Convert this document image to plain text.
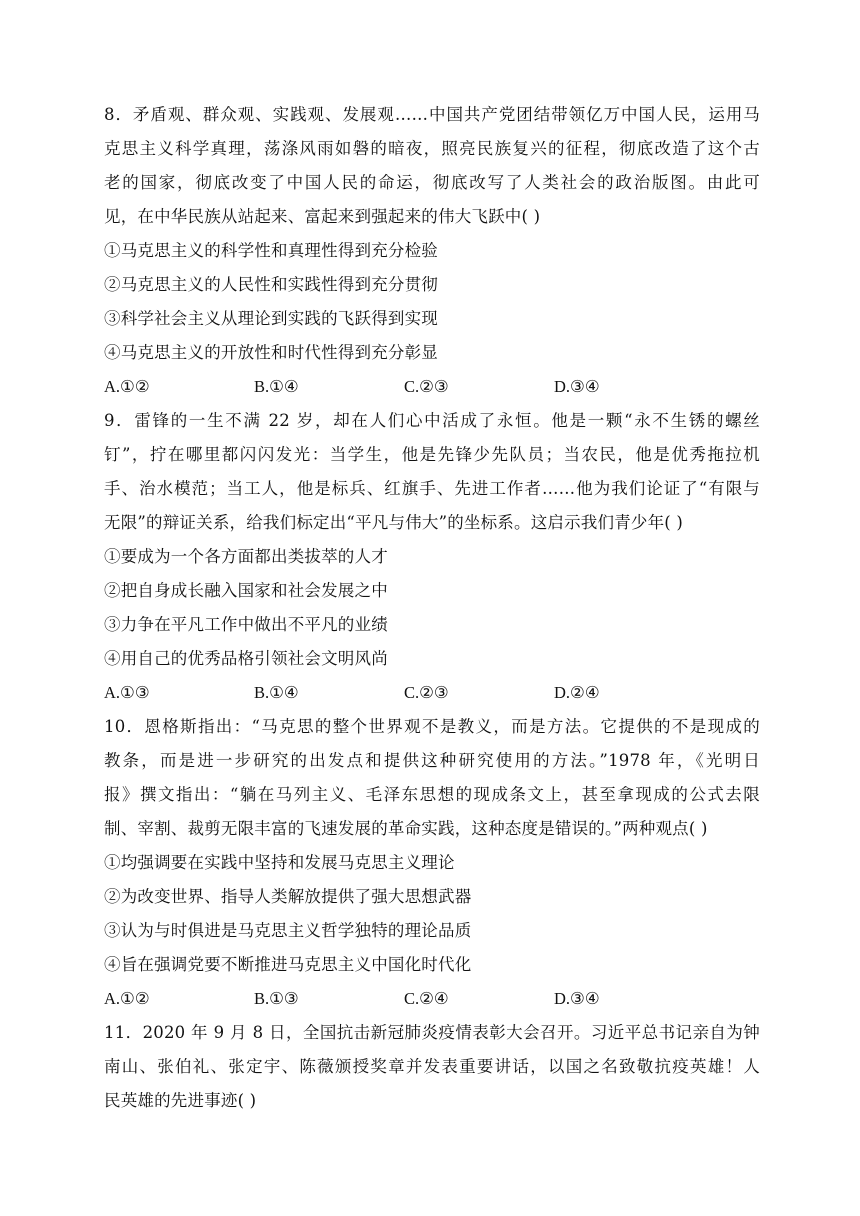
8．矛盾观、群众观、实践观、发展观……中国共产党团结带领亿万中国人民，运用马
克思主义科学真理，荡涤风雨如磐的暗夜，照亮民族复兴的征程，彻底改造了这个古
老的国家，彻底改变了中国人民的命运，彻底改写了人类社会的政治版图。由此可
见，在中华民族从站起来、富起来到强起来的伟大飞跃中( )
①马克思主义的科学性和真理性得到充分检验
②马克思主义的人民性和实践性得到充分贯彻
③科学社会主义从理论到实践的飞跃得到实现
④马克思主义的开放性和时代性得到充分彰显
A.①②	B.①④	C.②③	D.③④
9．雷锋的一生不满 22 岁，却在人们心中活成了永恒。他是一颗“永不生锈的螺丝
钉”，拧在哪里都闪闪发光：当学生，他是先锋少先队员；当农民，他是优秀拖拉机
手、治水模范；当工人，他是标兵、红旗手、先进工作者……他为我们论证了“有限与
无限”的辩证关系，给我们标定出“平凡与伟大”的坐标系。这启示我们青少年( )
①要成为一个各方面都出类拔萃的人才
②把自身成长融入国家和社会发展之中
③力争在平凡工作中做出不平凡的业绩
④用自己的优秀品格引领社会文明风尚
A.①③	B.①④	C.②③	D.②④
10．恩格斯指出：“马克思的整个世界观不是教义，而是方法。它提供的不是现成的
教条，而是进一步研究的出发点和提供这种研究使用的方法。”1978 年，《光明日
报》撰文指出：“躺在马列主义、毛泽东思想的现成条文上，甚至拿现成的公式去限
制、宰割、裁剪无限丰富的飞速发展的革命实践，这种态度是错误的。”两种观点( )
①均强调要在实践中坚持和发展马克思主义理论
②为改变世界、指导人类解放提供了强大思想武器
③认为与时俱进是马克思主义哲学独特的理论品质
④旨在强调党要不断推进马克思主义中国化时代化
A.①②	B.①③	C.②④	D.③④
11．2020 年 9 月 8 日，全国抗击新冠肺炎疫情表彰大会召开。习近平总书记亲自为钟
南山、张伯礼、张定宇、陈薇颁授奖章并发表重要讲话，以国之名致敬抗疫英雄！人
民英雄的先进事迹( )
